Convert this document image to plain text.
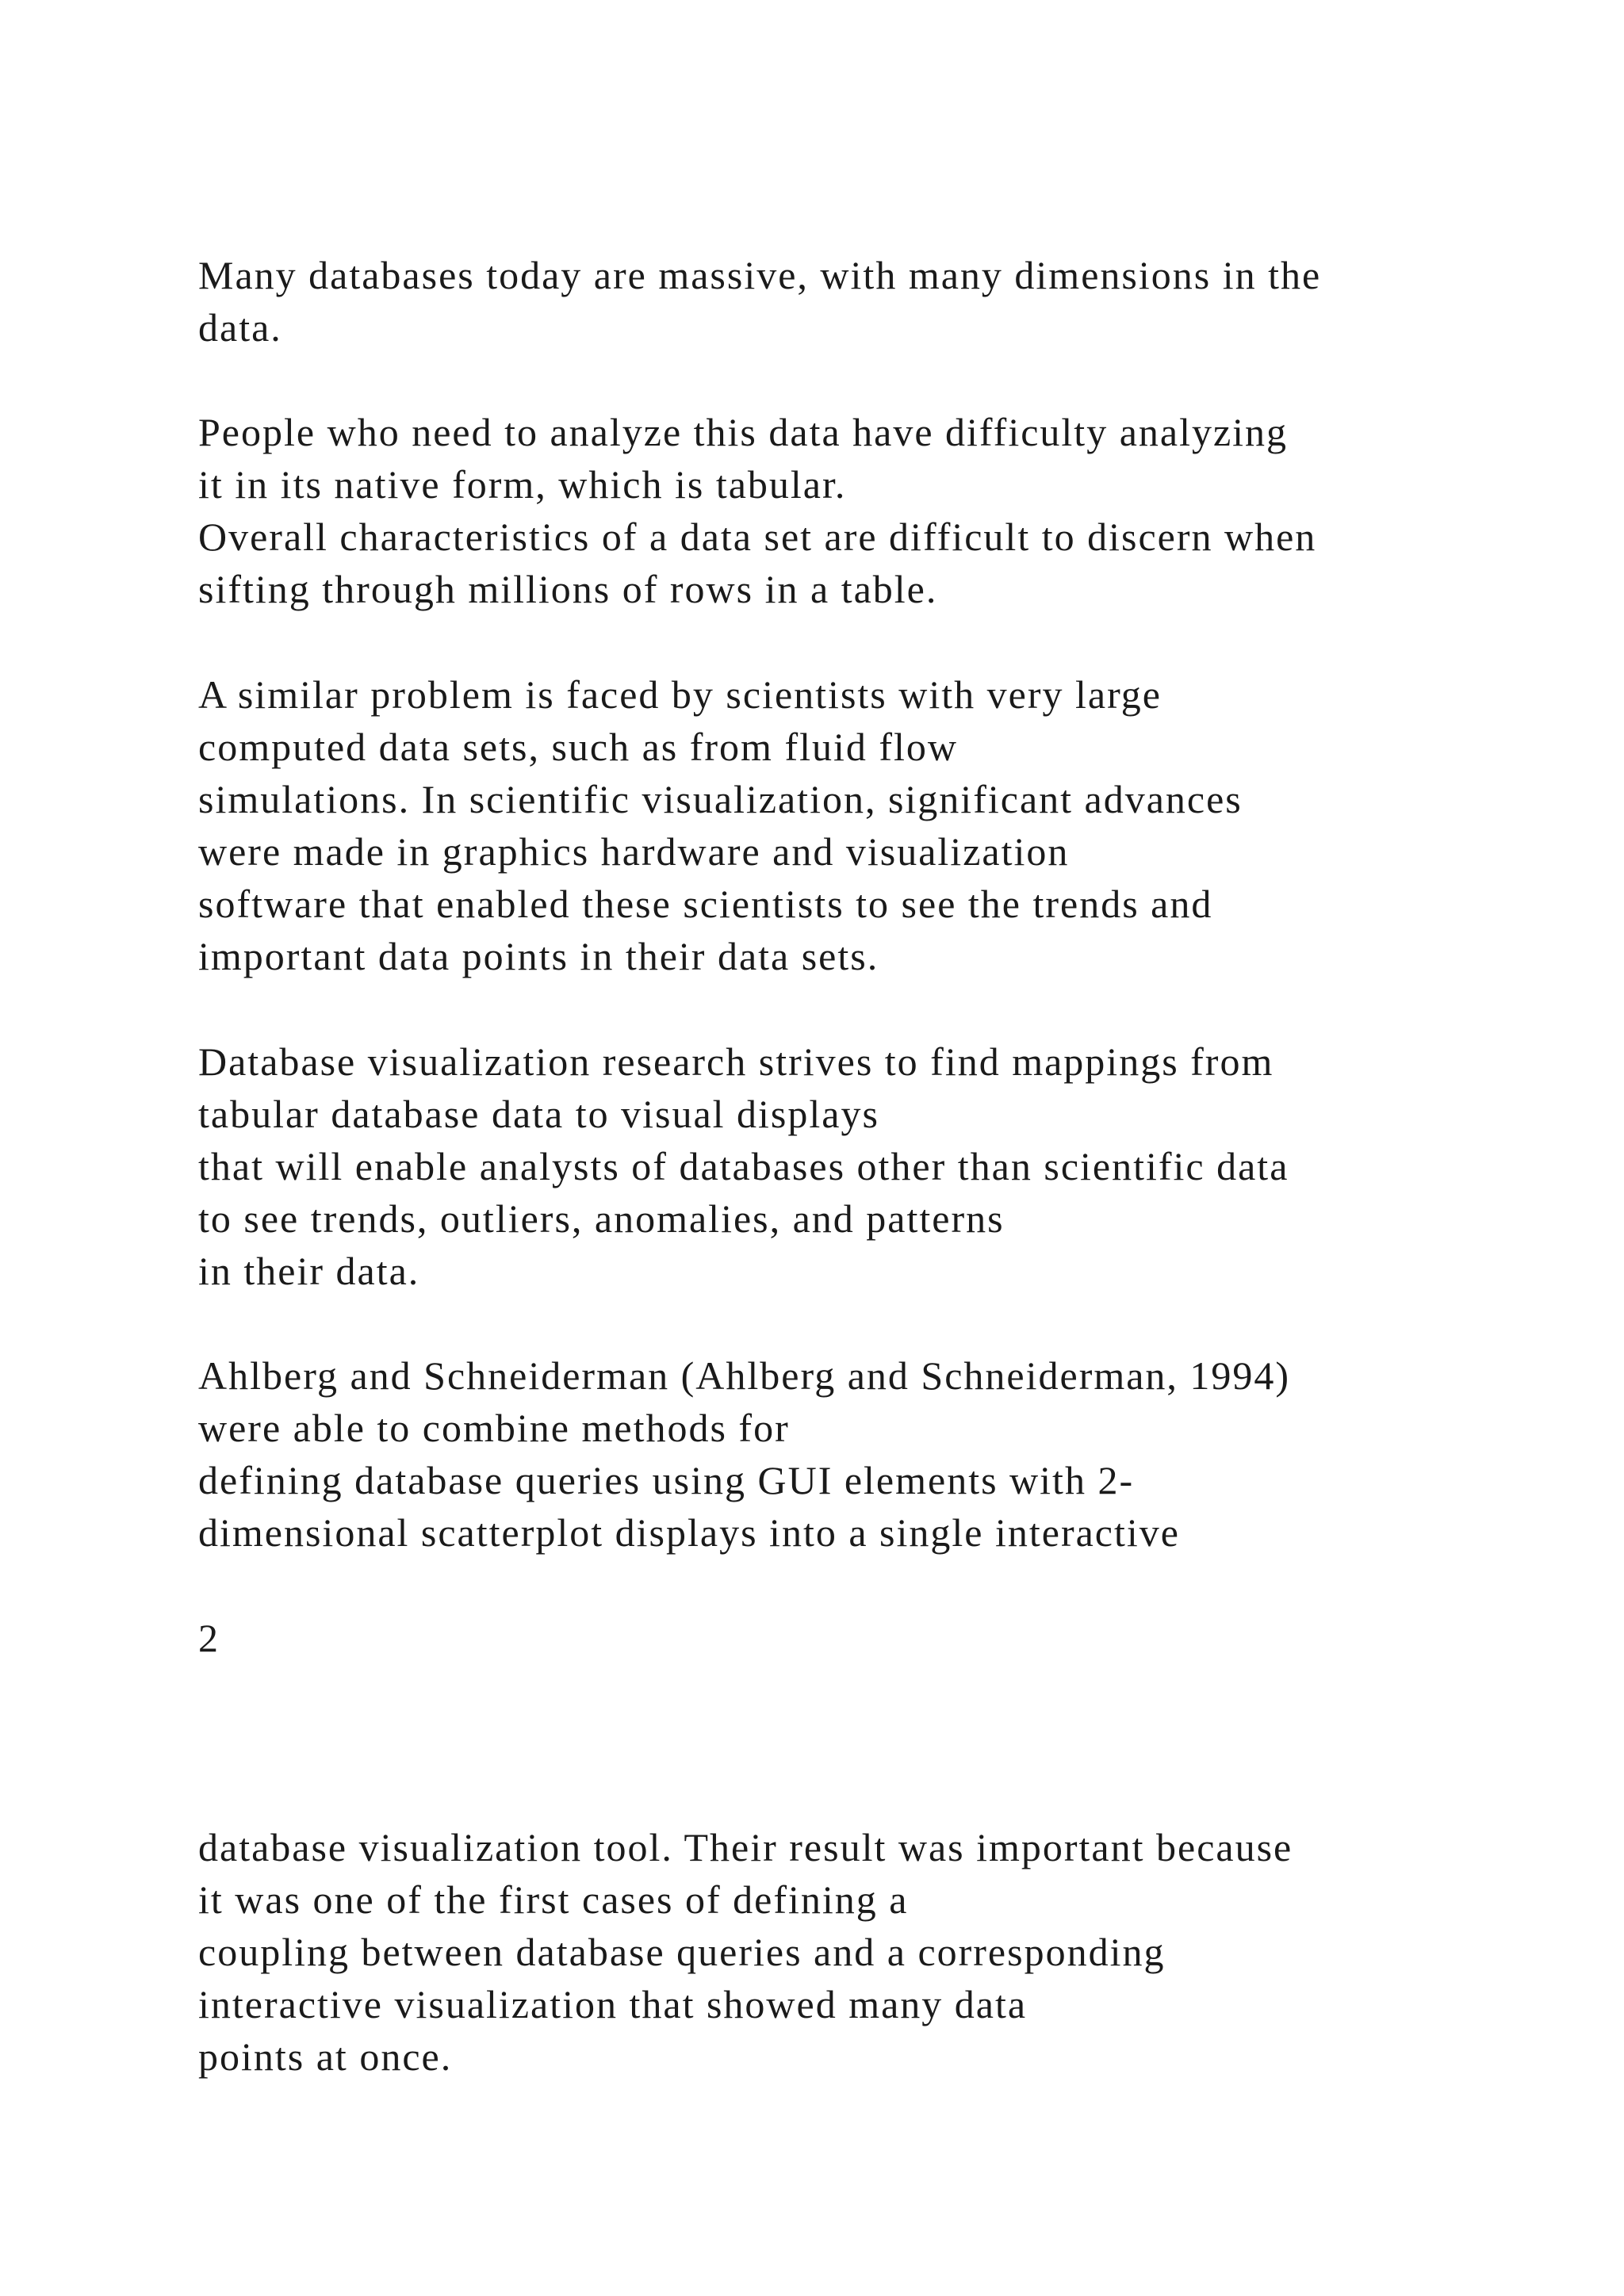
Many databases today are massive, with many dimensions in the

data.

People who need to analyze this data have difficulty analyzing

it in its native form, which is tabular.

Overall characteristics of a data set are difficult to discern when

sifting through millions of rows in a table.

A similar problem is faced by scientists with very large

computed data sets, such as from fluid flow

simulations. In scientific visualization, significant advances

were made in graphics hardware and visualization

software that enabled these scientists to see the trends and

important data points in their data sets.

Database visualization research strives to find mappings from

tabular database data to visual displays

that will enable analysts of databases other than scientific data

to see trends, outliers, anomalies, and patterns

in their data.

Ahlberg and Schneiderman (Ahlberg and Schneiderman, 1994)

were able to combine methods for

defining database queries using GUI elements with 2-

dimensional scatterplot displays into a single interactive

2

database visualization tool. Their result was important because

it was one of the first cases of defining a

coupling between database queries and a corresponding

interactive visualization that showed many data

points at once.
